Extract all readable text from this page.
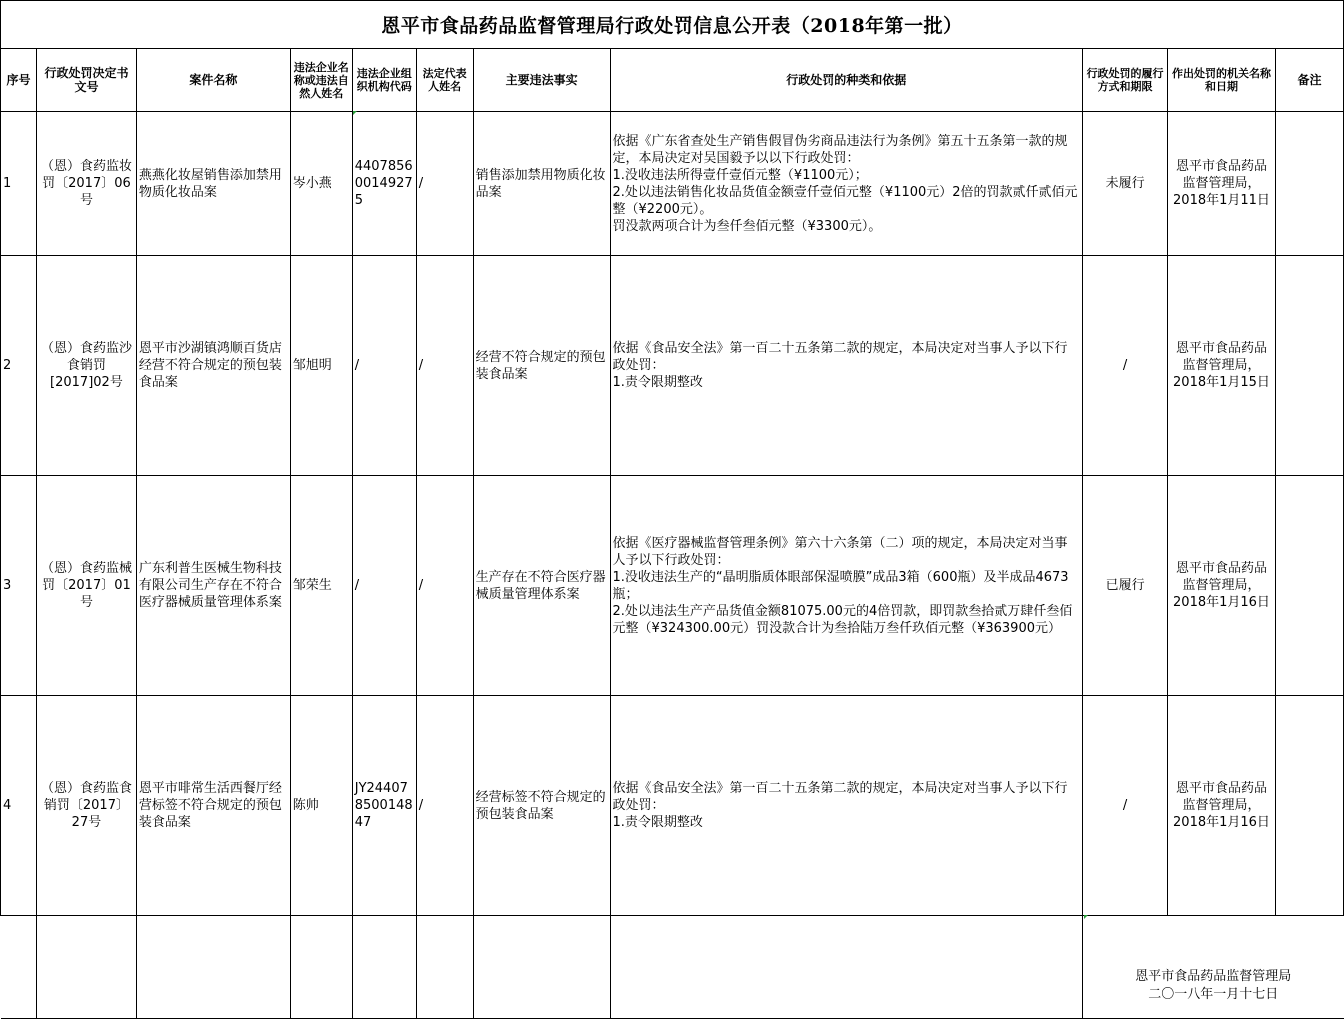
恩平市食品药品监督管理局行政处罚信息公开表（2018年第一批）										
序号	行政处罚决定书文号	案件名称	违法企业名称或违法自然人姓名	违法企业组织机构代码	法定代表人姓名	主要违法事实	行政处罚的种类和依据	行政处罚的履行方式和期限	作出处罚的机关名称和日期	备注
1	（恩）食药监妆罚〔2017〕06号	燕燕化妆屋销售添加禁用物质化妆品案	岑小燕	44078560014927 5	/	销售添加禁用物质化妆品案	依据《广东省查处生产销售假冒伪劣商品违法行为条例》第五十五条第一款的规定，本局决定对吴国毅予以以下行政处罚：
1.没收违法所得壹仟壹佰元整（¥1100元）；
2.处以违法销售化妆品货值金额壹仟壹佰元整（¥1100元）2倍的罚款贰仟贰佰元整（¥2200元）。
罚没款两项合计为叁仟叁佰元整（¥3300元）。	未履行	恩平市食品药品监督管理局，2018年1月11日	
2	（恩）食药监沙食销罚[2017]02号	恩平市沙湖镇鸿顺百货店经营不符合规定的预包装食品案	邹旭明	/	/	经营不符合规定的预包装食品案	依据《食品安全法》第一百二十五条第二款的规定，本局决定对当事人予以下行政处罚：
1.责令限期整改	/	恩平市食品药品监督管理局，2018年1月15日	
3	（恩）食药监械罚〔2017〕01号	广东利普生医械生物科技有限公司生产存在不符合医疗器械质量管理体系案	邹荣生	/	/	生产存在不符合医疗器械质量管理体系案	依据《医疗器械监督管理条例》第六十六条第（二）项的规定，本局决定对当事人予以下行政处罚：
1.没收违法生产的“晶明脂质体眼部保湿喷膜”成品3箱（600瓶）及半成品4673瓶；
2.处以违法生产产品货值金额81075.00元的4倍罚款，即罚款叁拾贰万肆仟叁佰元整（¥324300.00元）罚没款合计为叁拾陆万叁仟玖佰元整（¥363900元）	已履行	恩平市食品药品监督管理局，2018年1月16日	
4	（恩）食药监食销罚〔2017〕27号	恩平市啡常生活西餐厅经营标签不符合规定的预包装食品案	陈帅	JY24407850014847	/	经营标签不符合规定的预包装食品案	依据《食品安全法》第一百二十五条第二款的规定，本局决定对当事人予以下行政处罚：
1.责令限期整改	/	恩平市食品药品监督管理局，2018年1月16日	

								恩平市食品药品监督管理局
二〇一八年一月十七日		
